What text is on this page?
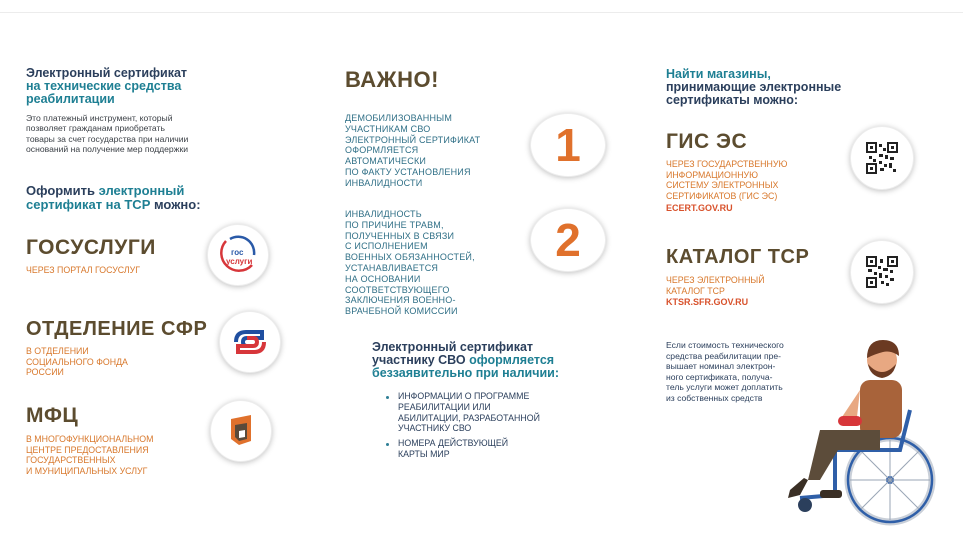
Электронный сертификат
на технические средства
реабилитации
Это платежный инструмент, который
позволяет гражданам приобретать
товары за счет государства при наличии
оснований на получение мер поддержки
Оформить электронный
сертификат на ТСР можно:
ГОСУСЛУГИ
ЧЕРЕЗ ПОРТАЛ ГОСУСЛУГ
гос
услуги
ОТДЕЛЕНИЕ СФР
В ОТДЕЛЕНИИ
СОЦИАЛЬНОГО ФОНДА
РОССИИ
МФЦ
В МНОГОФУНКЦИОНАЛЬНОМ
ЦЕНТРЕ ПРЕДОСТАВЛЕНИЯ
ГОСУДАРСТВЕННЫХ
И МУНИЦИПАЛЬНЫХ УСЛУГ
ВАЖНО!
ДЕМОБИЛИЗОВАННЫМ
УЧАСТНИКАМ СВО
ЭЛЕКТРОННЫЙ СЕРТИФИКАТ
ОФОРМЛЯЕТСЯ
АВТОМАТИЧЕСКИ
ПО ФАКТУ УСТАНОВЛЕНИЯ
ИНВАЛИДНОСТИ
1
ИНВАЛИДНОСТЬ
ПО ПРИЧИНЕ ТРАВМ,
ПОЛУЧЕННЫХ В СВЯЗИ
С ИСПОЛНЕНИЕМ
ВОЕННЫХ ОБЯЗАННОСТЕЙ,
УСТАНАВЛИВАЕТСЯ
НА ОСНОВАНИИ
СООТВЕТСТВУЮЩЕГО
ЗАКЛЮЧЕНИЯ ВОЕННО-
ВРАЧЕБНОЙ КОМИССИИ
2
Электронный сертификат
участнику СВО оформляется
беззаявительно при наличии:
ИНФОРМАЦИИ О ПРОГРАММЕ
РЕАБИЛИТАЦИИ ИЛИ
АБИЛИТАЦИИ, РАЗРАБОТАННОЙ
УЧАСТНИКУ СВО
НОМЕРА ДЕЙСТВУЮЩЕЙ
КАРТЫ МИР
Найти магазины,
принимающие электронные
сертификаты можно:
ГИС ЭС
ЧЕРЕЗ ГОСУДАРСТВЕННУЮ
ИНФОРМАЦИОННУЮ
СИСТЕМУ ЭЛЕКТРОННЫХ
СЕРТИФИКАТОВ (ГИС ЭС)
ECERT.GOV.RU
КАТАЛОГ ТСР
ЧЕРЕЗ ЭЛЕКТРОННЫЙ
КАТАЛОГ ТСР
KTSR.SFR.GOV.RU
Если стоимость технического
средства реабилитации пре-
вышает номинал электрон-
ного сертификата, получа-
тель услуги может доплатить
из собственных средств
